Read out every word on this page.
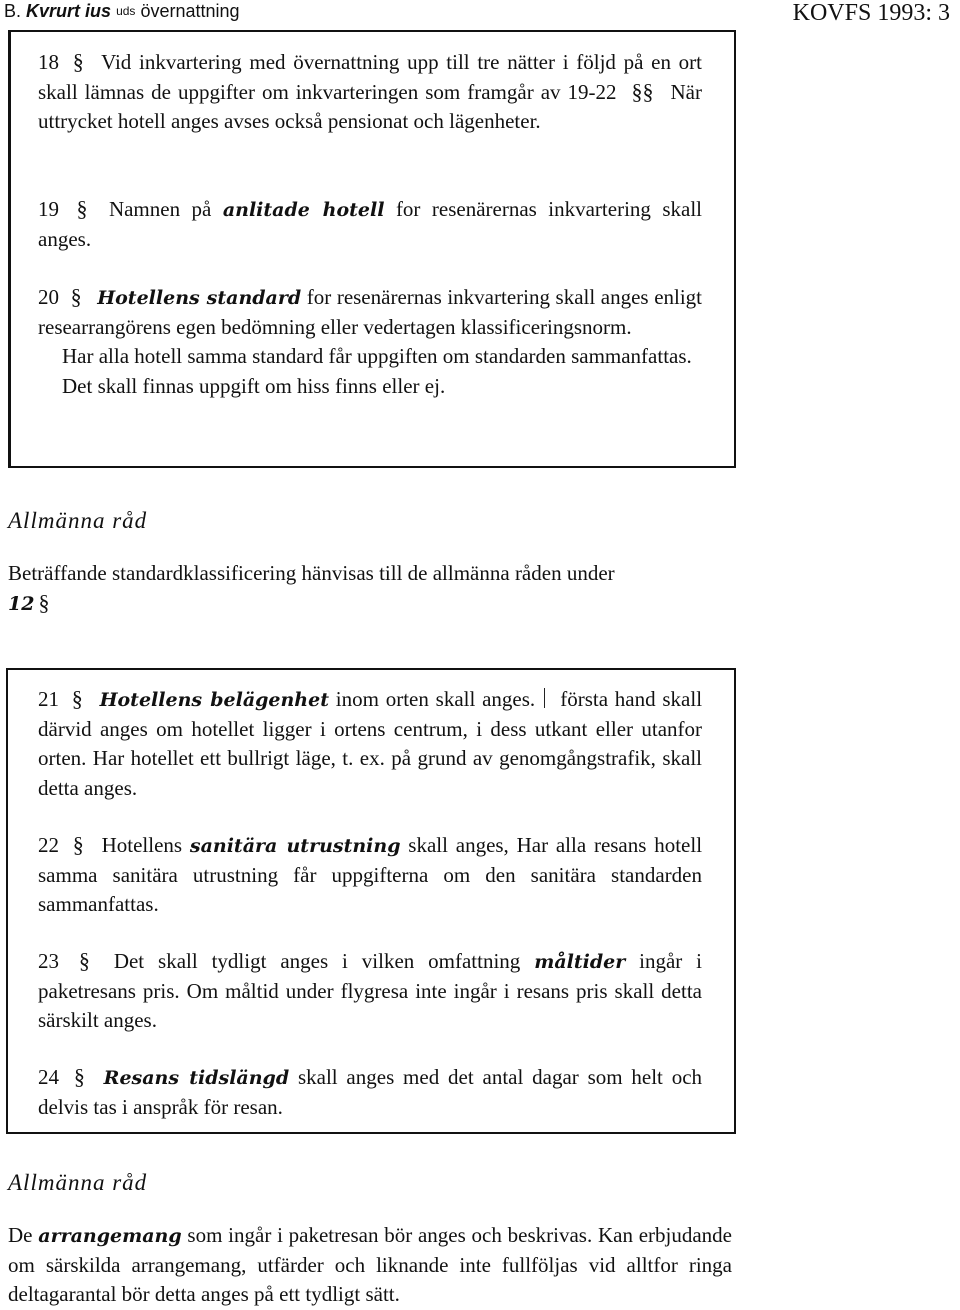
B. Kvrurt ius $^{uds}$ övernattning	KOVFS 1993: 3
18 § Vid inkvartering med övernattning upp till tre nätter i följd på en ort skall lämnas de uppgifter om inkvarteringen som framgår av 19-22 §§ När uttrycket hotell anges avses också pensionat och lägenheter.
19 § Namnen på anlitade hotell for resenärernas inkvartering skall anges.
20 § Hotellens standard for resenärernas inkvartering skall anges enligt researrangörens egen bedömning eller vedertagen klassificeringsnorm.
Har alla hotell samma standard får uppgiften om standarden sammanfattas.
Det skall finnas uppgift om hiss finns eller ej.
Allmänna råd
Beträffande standardklassificering hänvisas till de allmänna råden under
12 §
21 § Hotellens belägenhet inom orten skall anges. första hand skall därvid anges om hotellet ligger i ortens centrum, i dess utkant eller utanfor orten. Har hotellet ett bullrigt läge, t. ex. på grund av genomgångstrafik, skall detta anges.
22 § Hotellens sanitära utrustning skall anges, Har alla resans hotell samma sanitära utrustning får uppgifterna om den sanitära standarden sammanfattas.
23 § Det skall tydligt anges i vilken omfattning måltider ingår i paketresans pris. Om måltid under flygresa inte ingår i resans pris skall detta särskilt anges.
24 § Resans tidslängd skall anges med det antal dagar som helt och delvis tas i anspråk för resan.
Allmänna råd
De arrangemang som ingår i paketresan bör anges och beskrivas. Kan erbjudande om särskilda arrangemang, utfärder och liknande inte fullföljas vid alltfor ringa deltagarantal bör detta anges på ett tydligt sätt.
